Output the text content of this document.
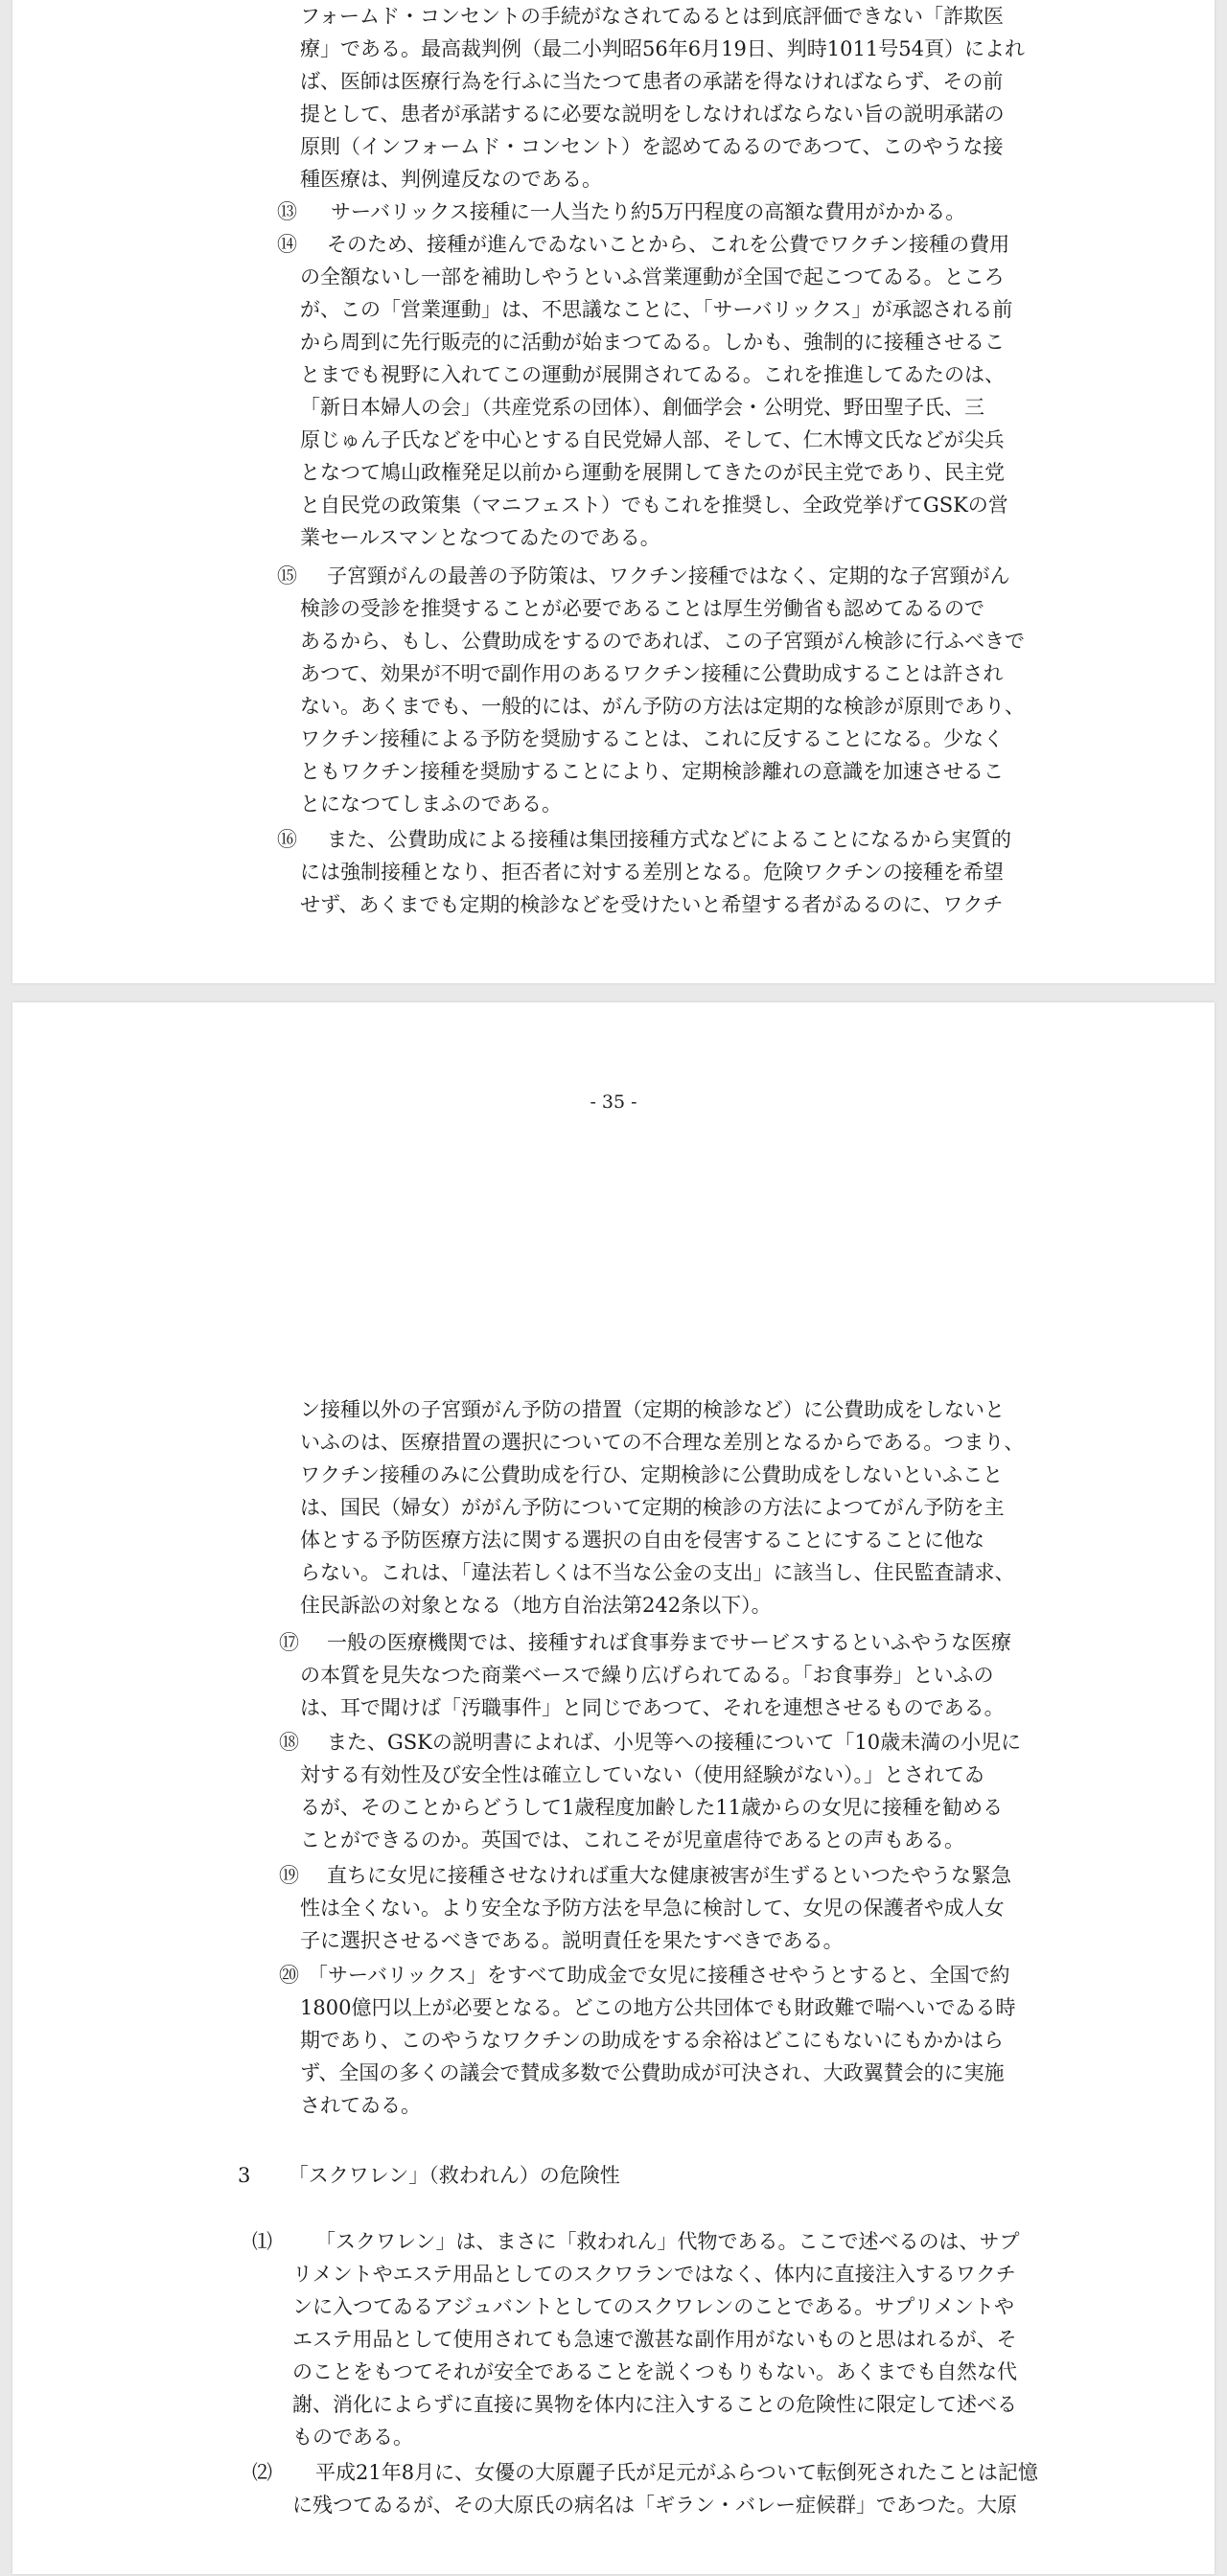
フォームド・コンセントの手続がなされてゐるとは到底評価できない「詐欺医
療」である。最高裁判例（最二小判昭56年6月19日、判時1011号54頁）によれ
ば、医師は医療行為を行ふに当たつて患者の承諾を得なければならず、その前
提として、患者が承諾するに必要な説明をしなければならない旨の説明承諾の
原則（インフォームド・コンセント）を認めてゐるのであつて、このやうな接
種医療は、判例違反なのである。
⑬ サーバリックス接種に一人当たり約5万円程度の高額な費用がかかる。
⑭	そのため、接種が進んでゐないことから、これを公費でワクチン接種の費用
の全額ないし一部を補助しやうといふ営業運動が全国で起こつてゐる。ところ
が、この「営業運動」は、不思議なことに、「サーバリックス」が承認される前
から周到に先行販売的に活動が始まつてゐる。しかも、強制的に接種させるこ
とまでも視野に入れてこの運動が展開されてゐる。これを推進してゐたのは、
「新日本婦人の会」（共産党系の団体）、創価学会・公明党、野田聖子氏、三
原じゅん子氏などを中心とする自民党婦人部、そして、仁木博文氏などが尖兵
となつて鳩山政権発足以前から運動を展開してきたのが民主党であり、民主党
と自民党の政策集（マニフェスト）でもこれを推奨し、全政党挙げてGSKの営
業セールスマンとなつてゐたのである。
⑮	子宮頸がんの最善の予防策は、ワクチン接種ではなく、定期的な子宮頸がん
検診の受診を推奨することが必要であることは厚生労働省も認めてゐるので
あるから、もし、公費助成をするのであれば、この子宮頸がん検診に行ふべきで
あつて、効果が不明で副作用のあるワクチン接種に公費助成することは許され
ない。あくまでも、一般的には、がん予防の方法は定期的な検診が原則であり、
ワクチン接種による予防を奨励することは、これに反することになる。少なく
ともワクチン接種を奨励することにより、定期検診離れの意識を加速させるこ
とになつてしまふのである。
⑯	また、公費助成による接種は集団接種方式などによることになるから実質的
には強制接種となり、拒否者に対する差別となる。危険ワクチンの接種を希望
せず、あくまでも定期的検診などを受けたいと希望する者がゐるのに、ワクチ
- 35 -
ン接種以外の子宮頸がん予防の措置（定期的検診など）に公費助成をしないと
いふのは、医療措置の選択についての不合理な差別となるからである。つまり、
ワクチン接種のみに公費助成を行ひ、定期検診に公費助成をしないといふこと
は、国民（婦女）ががん予防について定期的検診の方法によつてがん予防を主
体とする予防医療方法に関する選択の自由を侵害することにすることに他な
らない。これは、「違法若しくは不当な公金の支出」に該当し、住民監査請求、
住民訴訟の対象となる（地方自治法第242条以下）。
⑰	一般の医療機関では、接種すれば食事券までサービスするといふやうな医療
の本質を見失なつた商業ベースで繰り広げられてゐる。「お食事券」といふの
は、耳で聞けば「汚職事件」と同じであつて、それを連想させるものである。
⑱	また、GSKの説明書によれば、小児等への接種について「10歳未満の小児に
対する有効性及び安全性は確立していない（使用経験がない）。」とされてゐ
るが、そのことからどうして1歳程度加齢した11歳からの女児に接種を勧める
ことができるのか。英国では、これこそが児童虐待であるとの声もある。
⑲	直ちに女児に接種させなければ重大な健康被害が生ずるといつたやうな緊急
性は全くない。より安全な予防方法を早急に検討して、女児の保護者や成人女
子に選択させるべきである。説明責任を果たすべきである。
⑳ 「サーバリックス」をすべて助成金で女児に接種させやうとすると、全国で約
1800億円以上が必要となる。どこの地方公共団体でも財政難で喘へいでゐる時
期であり、このやうなワクチンの助成をする余裕はどこにもないにもかかはら
ず、全国の多くの議会で賛成多数で公費助成が可決され、大政翼賛会的に実施
されてゐる。
3 「スクワレン」（救われん）の危険性
⑴	「スクワレン」は、まさに「救われん」代物である。ここで述べるのは、サプ
リメントやエステ用品としてのスクワランではなく、体内に直接注入するワクチ
ンに入つてゐるアジュバントとしてのスクワレンのことである。サプリメントや
エステ用品として使用されても急速で激甚な副作用がないものと思はれるが、そ
のことをもつてそれが安全であることを説くつもりもない。あくまでも自然な代
謝、消化によらずに直接に異物を体内に注入することの危険性に限定して述べる
ものである。
⑵	平成21年8月に、女優の大原麗子氏が足元がふらついて転倒死されたことは記憶
に残つてゐるが、その大原氏の病名は「ギラン・バレー症候群」であつた。大原
